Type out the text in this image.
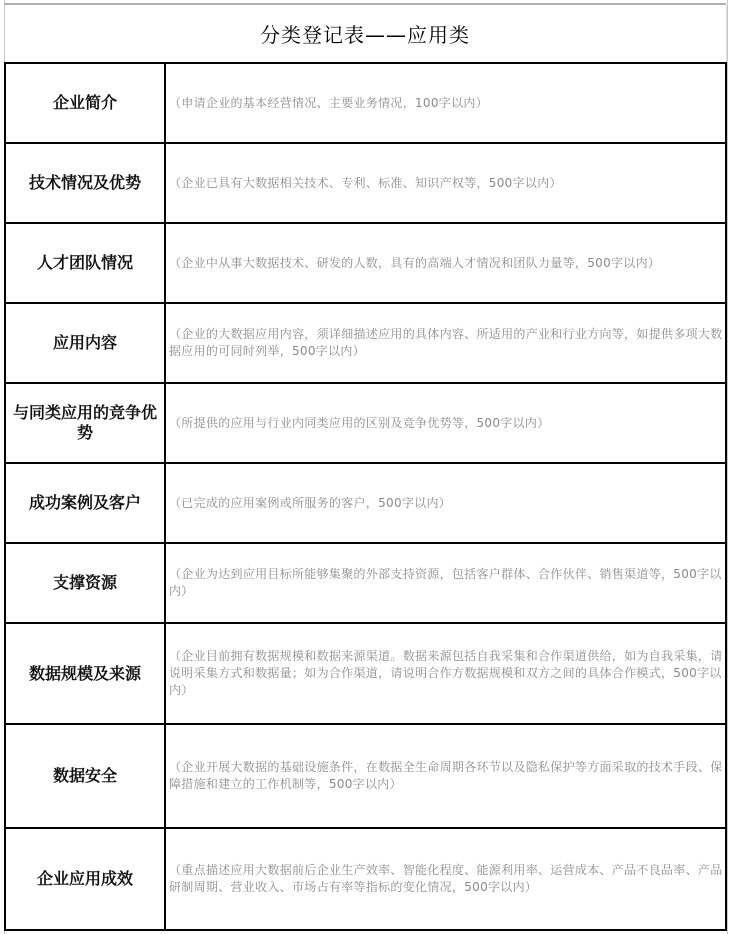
分类登记表——应用类
企业简介	（申请企业的基本经营情况、主要业务情况，100字以内）
技术情况及优势	（企业已具有大数据相关技术、专利、标准、知识产权等，500字以内）
人才团队情况	（企业中从事大数据技术、研发的人数，具有的高端人才情况和团队力量等，500字以内）
应用内容	（企业的大数据应用内容，须详细描述应用的具体内容、所适用的产业和行业方向等，如提供多项大数据应用的可同时列举，500字以内）
与同类应用的竞争优势	（所提供的应用与行业内同类应用的区别及竞争优势等，500字以内）
成功案例及客户	（已完成的应用案例或所服务的客户，500字以内）
支撑资源	（企业为达到应用目标所能够集聚的外部支持资源，包括客户群体、合作伙伴、销售渠道等，500字以内）
数据规模及来源	（企业目前拥有数据规模和数据来源渠道。数据来源包括自我采集和合作渠道供给，如为自我采集，请说明采集方式和数据量；如为合作渠道，请说明合作方数据规模和双方之间的具体合作模式，500字以内）
数据安全	（企业开展大数据的基础设施条件，在数据全生命周期各环节以及隐私保护等方面采取的技术手段、保障措施和建立的工作机制等，500字以内）
企业应用成效	（重点描述应用大数据前后企业生产效率、智能化程度、能源利用率、运营成本、产品不良品率、产品研制周期、营业收入、市场占有率等指标的变化情况，500字以内）
